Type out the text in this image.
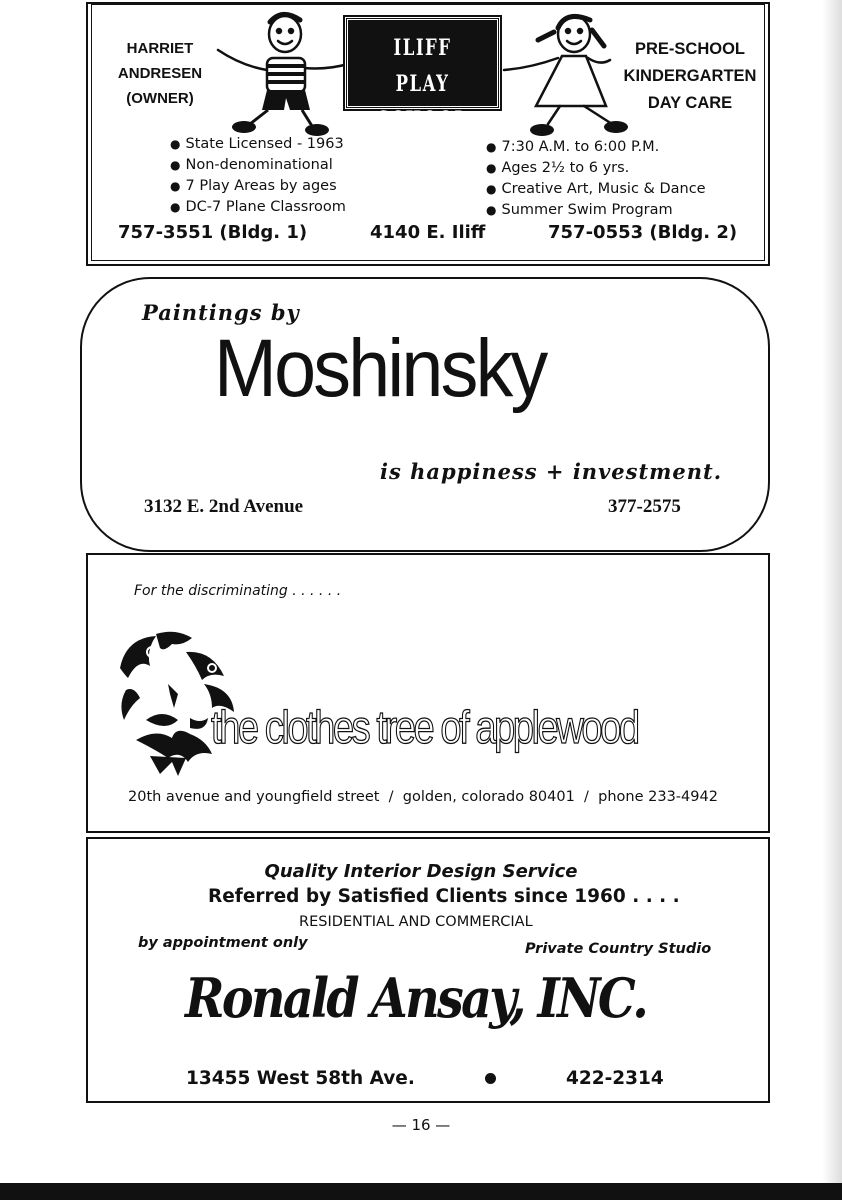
HARRIET
ANDRESEN
(OWNER)
ILIFF PLAY
SCHOOL
PRE-SCHOOL
KINDERGARTEN
DAY CARE
● State Licensed - 1963
● Non-denominational
● 7 Play Areas by ages
● DC-7 Plane Classroom
● 7:30 A.M. to 6:00 P.M.
● Ages 2½ to 6 yrs.
● Creative Art, Music & Dance
● Summer Swim Program
757-3551 (Bldg. 1)	4140 E. Iliff	757-0553 (Bldg. 2)
Paintings by
Moshinsky
is happiness + investment.
3132 E. 2nd Avenue	377-2575
For the discriminating . . . . . .
the clothes tree of applewood
20th avenue and youngfield street  /  golden, colorado 80401  /  phone 233-4942
Quality Interior Design Service
Referred by Satisfied Clients since 1960 . . . .
RESIDENTIAL AND COMMERCIAL
by appointment only	Private Country Studio
Ronald Ansay, INC.
13455 West 58th Ave.	422-2314
— 16 —
